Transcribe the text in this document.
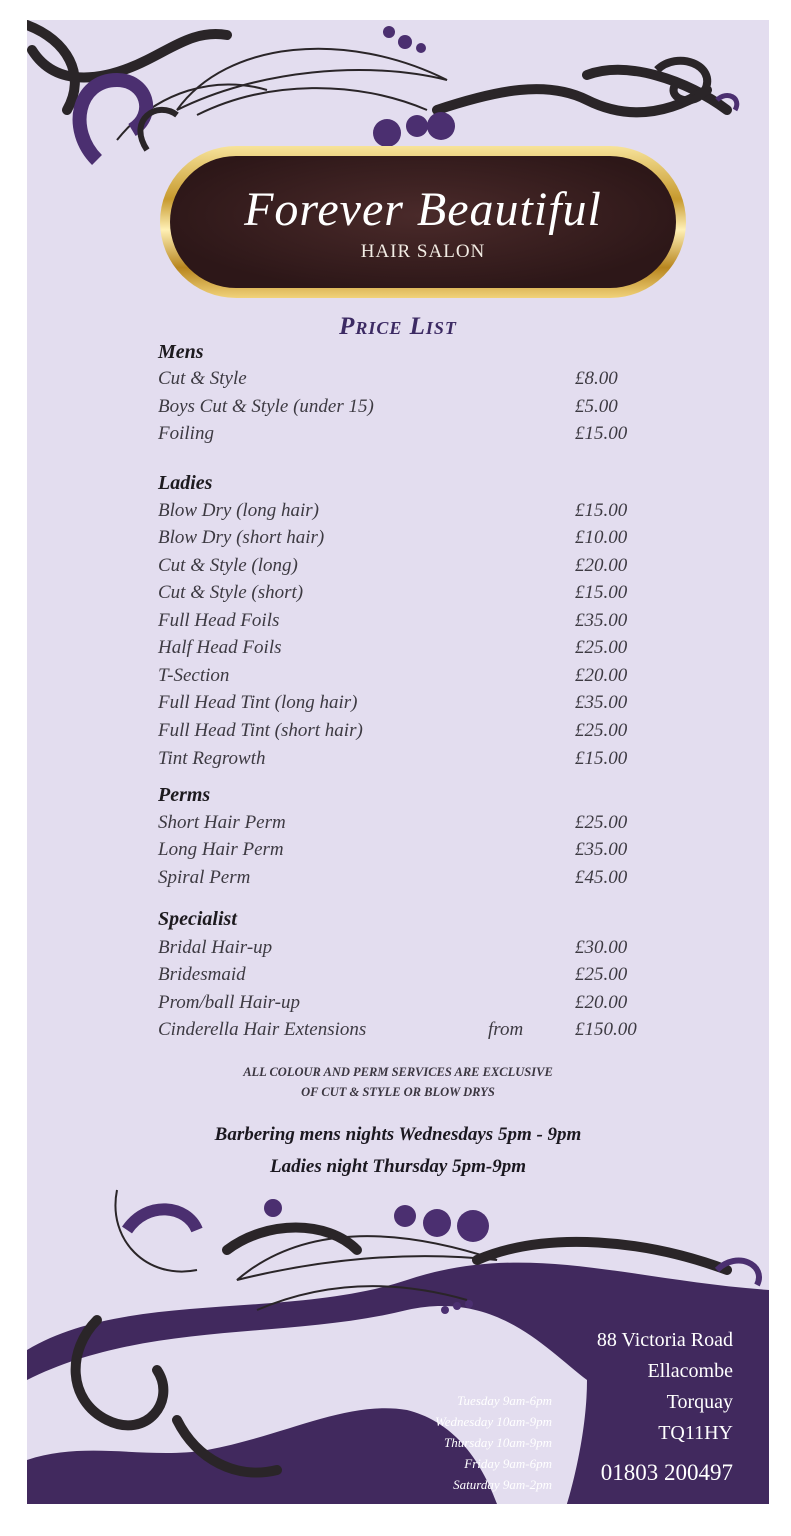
Forever Beautiful
HAIR SALON
Price List
Mens
Cut & Style	£8.00
Boys Cut & Style (under 15)	£5.00
Foiling	£15.00
Ladies
Blow Dry (long hair)	£15.00
Blow Dry (short hair)	£10.00
Cut & Style (long)	£20.00
Cut & Style (short)	£15.00
Full Head Foils	£35.00
Half Head Foils	£25.00
T-Section	£20.00
Full Head Tint (long hair)	£35.00
Full Head Tint (short hair)	£25.00
Tint Regrowth	£15.00
Perms
Short Hair Perm	£25.00
Long Hair Perm	£35.00
Spiral Perm	£45.00
Specialist
Bridal Hair-up	£30.00
Bridesmaid	£25.00
Prom/ball Hair-up	£20.00
Cinderella Hair Extensions	from	£150.00
ALL COLOUR AND PERM SERVICES ARE EXCLUSIVE
OF CUT & STYLE OR BLOW DRYS
Barbering mens nights Wednesdays 5pm - 9pm
Ladies night Thursday 5pm-9pm
Tuesday 9am-6pm
Wednesday 10am-9pm
Thursday 10am-9pm
Friday 9am-6pm
Saturday 9am-2pm
88 Victoria Road
Ellacombe
Torquay
TQ11HY
01803 200497
